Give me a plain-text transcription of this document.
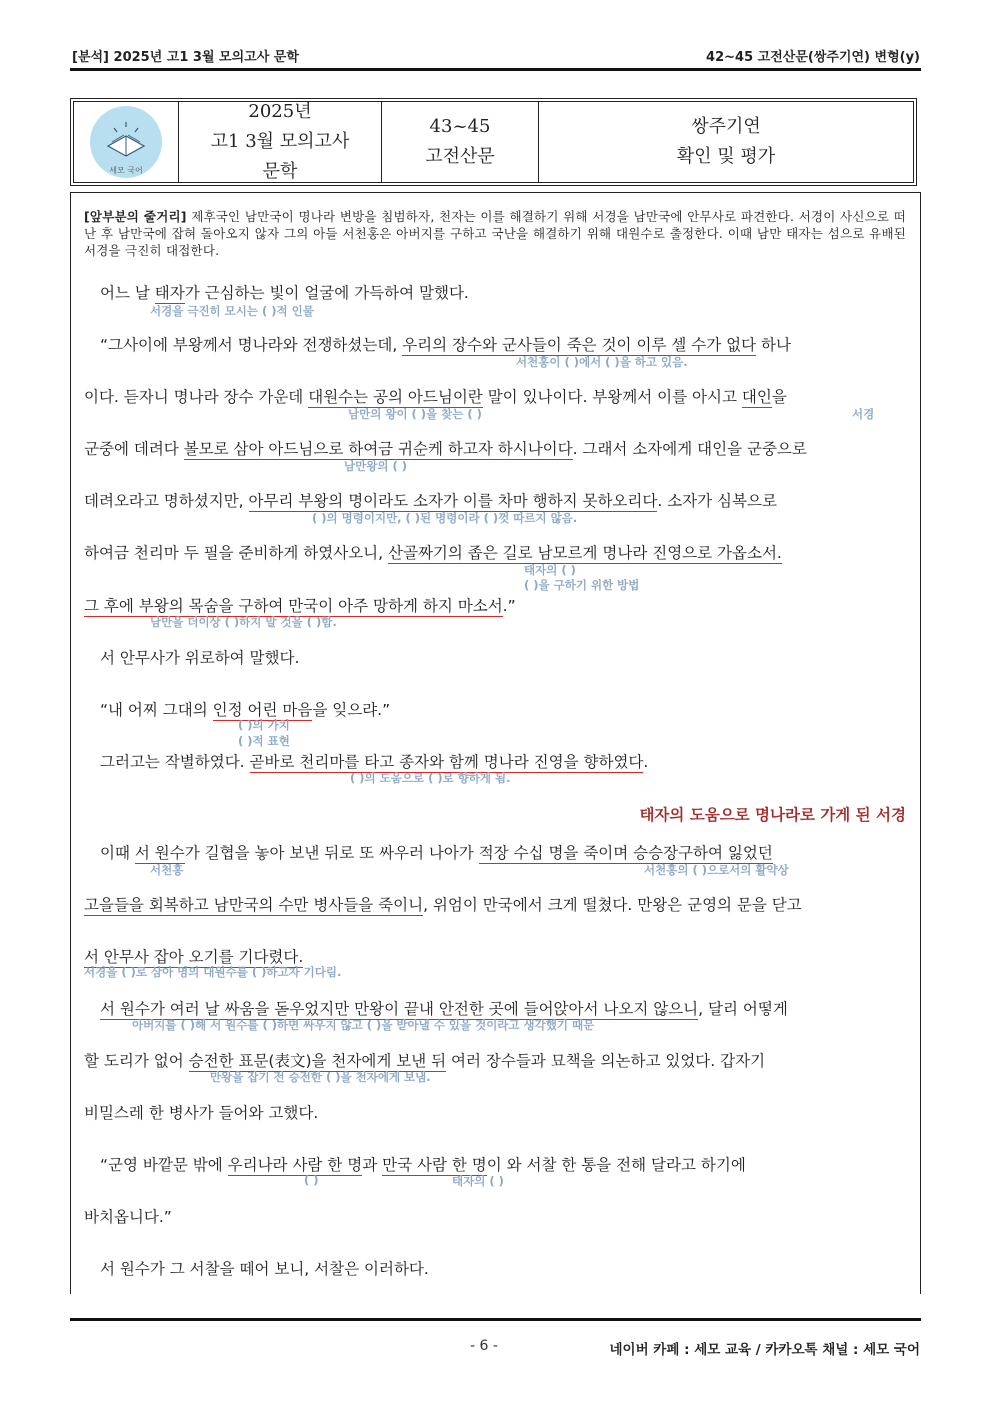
[분석] 2025년 고1 3월 모의고사 문학	42~45 고전산문(쌍주기연) 변형(y)
세모 국어
2025년
고1 3월 모의고사
문학
43~45
고전산문
쌍주기연
확인 및 평가
[앞부분의 줄거리] 제후국인 남만국이 명나라 변방을 침범하자, 천자는 이를 해결하기 위해 서경을 남만국에 안무사로 파견한다. 서경이 사신으로 떠난 후 남만국에 잡혀 돌아오지 않자 그의 아들 서천홍은 아버지를 구하고 국난을 해결하기 위해 대원수로 출정한다. 이때 남만 태자는 섬으로 유배된 서경을 극진히 대접한다.
어느 날 태자가 근심하는 빛이 얼굴에 가득하여 말했다.
서경을 극진히 모시는 ( )적 인물
“그사이에 부왕께서 명나라와 전쟁하셨는데, 우리의 장수와 군사들이 죽은 것이 이루 셀 수가 없다 하나
서천홍이 ( )에서 ( )을 하고 있음.
이다. 듣자니 명나라 장수 가운데 대원수는 공의 아드님이란 말이 있나이다. 부왕께서 이를 아시고 대인을
남만의 왕이 ( )을 찾는 ( )	서경
군중에 데려다 볼모로 삼아 아드님으로 하여금 귀순케 하고자 하시나이다. 그래서 소자에게 대인을 군중으로
남만왕의 ( )
데려오라고 명하셨지만, 아무리 부왕의 명이라도 소자가 이를 차마 행하지 못하오리다. 소자가 심복으로
( )의 명령이지만, ( )된 명령이라 ( )껏 따르지 않음.
하여금 천리마 두 필을 준비하게 하였사오니, 산골짜기의 좁은 길로 남모르게 명나라 진영으로 가옵소서.
태자의 ( )
( )을 구하기 위한 방법
그 후에 부왕의 목숨을 구하여 만국이 아주 망하게 하지 마소서.”
남만을 더이상 ( )하지 말 것을 ( )함.
서 안무사가 위로하여 말했다.
“내 어찌 그대의 인정 어린 마음을 잊으랴.”
( )의 가치
( )적 표현
그러고는 작별하였다. 곧바로 천리마를 타고 종자와 함께 명나라 진영을 향하였다.
( )의 도움으로 ( )로 향하게 됨.
태자의 도움으로 명나라로 가게 된 서경
이때 서 원수가 길협을 놓아 보낸 뒤로 또 싸우러 나아가 적장 수십 명을 죽이며 승승장구하여 잃었던
서천홍	서천홍의 ( )으로서의 활약상
고을들을 회복하고 남만국의 수만 병사들을 죽이니, 위엄이 만국에서 크게 떨쳤다. 만왕은 군영의 문을 닫고
서 안무사 잡아 오기를 기다렸다.
서경을 ( )로 삼아 명의 대원수를 ( )하고자 기다림.
서 원수가 여러 날 싸움을 돋우었지만 만왕이 끝내 안전한 곳에 들어앉아서 나오지 않으니, 달리 어떻게
아버지를 ( )해 서 원수를 ( )하면 싸우지 않고 ( )을 받아낼 수 있을 것이라고 생각했기 때문
할 도리가 없어 승전한 표문(表文)을 천자에게 보낸 뒤 여러 장수들과 묘책을 의논하고 있었다. 갑자기
만왕을 잡기 전 승전한 ( )을 천자에게 보냄.
비밀스레 한 병사가 들어와 고했다.
“군영 바깥문 밖에 우리나라 사람 한 명과 만국 사람 한 명이 와 서찰 한 통을 전해 달라고 하기에
( )	태자의 ( )
바치옵니다.”
서 원수가 그 서찰을 떼어 보니, 서찰은 이러하다.
- 6 -	네이버 카페 : 세모 교육 / 카카오톡 채널 : 세모 국어
